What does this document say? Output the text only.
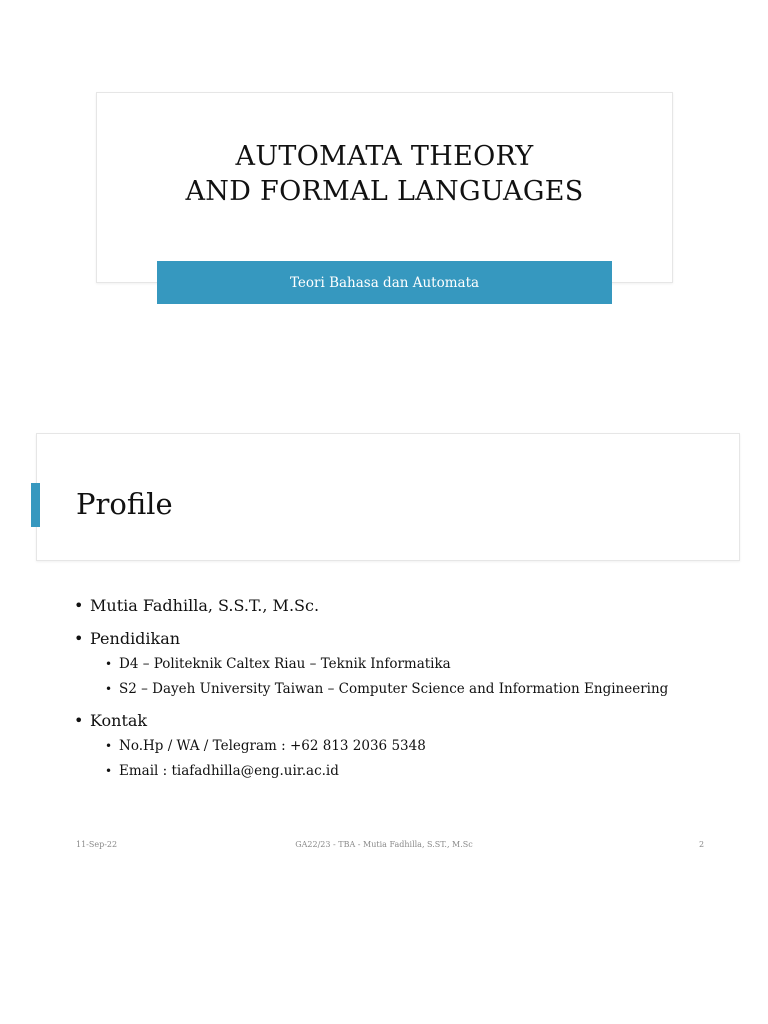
AUTOMATA THEORY
AND FORMAL LANGUAGES
Teori Bahasa dan Automata
Profile
• Mutia Fadhilla, S.S.T., M.Sc.
• Pendidikan
• D4 – Politeknik Caltex Riau – Teknik Informatika
• S2 – Dayeh University Taiwan – Computer Science and Information Engineering
• Kontak
• No.Hp / WA / Telegram : +62 813 2036 5348
• Email : tiafadhilla@eng.uir.ac.id
11-Sep-22	GA22/23 - TBA - Mutia Fadhilla, S.ST., M.Sc	2
